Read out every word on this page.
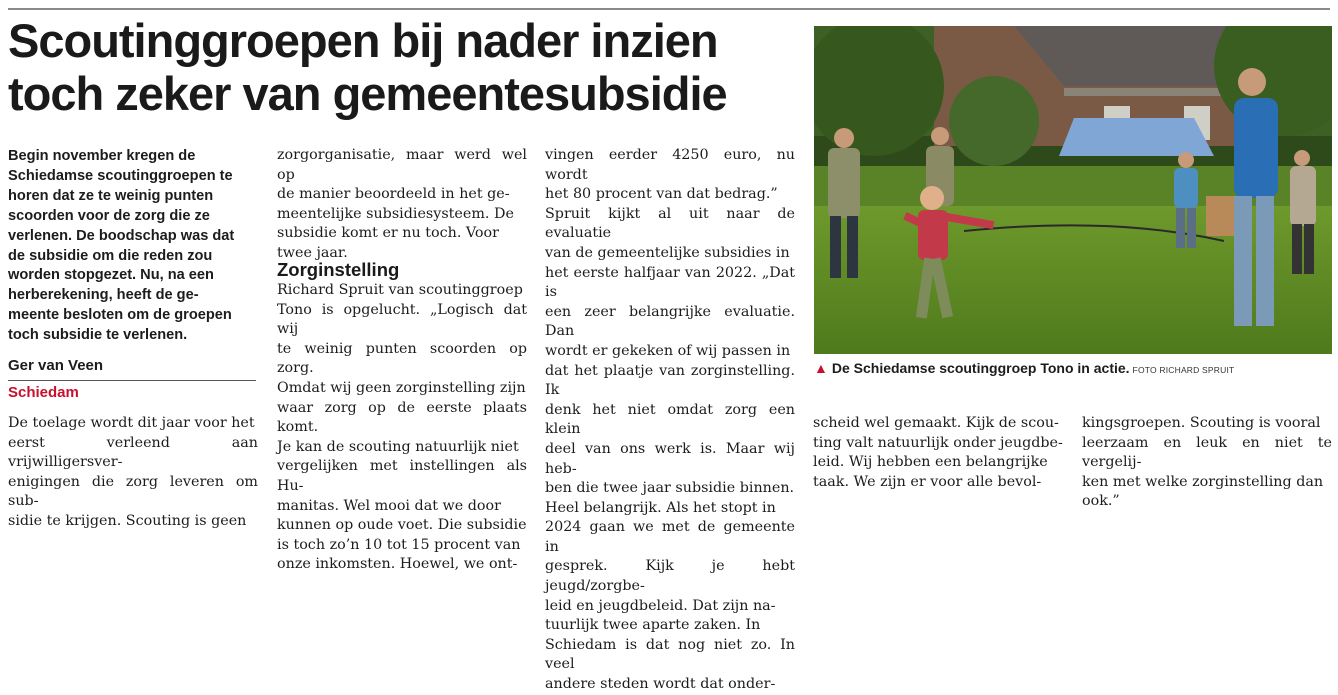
Scoutinggroepen bij nader inzien toch zeker van gemeentesubsidie
Begin november kregen de
Schiedamse scoutinggroepen te
horen dat ze te weinig punten
scoorden voor de zorg die ze
verlenen. De boodschap was dat
de subsidie om die reden zou
worden stopgezet. Nu, na een
herberekening, heeft de ge-
meente besloten om de groepen
toch subsidie te verlenen.
Ger van Veen
Schiedam
De toelage wordt dit jaar voor het
eerst verleend aan vrijwilligersver-
enigingen die zorg leveren om sub-
sidie te krijgen. Scouting is geen
zorgorganisatie, maar werd wel op
de manier beoordeeld in het ge-
meentelijke subsidiesysteem. De
subsidie komt er nu toch. Voor
twee jaar.
Zorginstelling
Richard Spruit van scoutinggroep
Tono is opgelucht. „Logisch dat wij
te weinig punten scoorden op zorg.
Omdat wij geen zorginstelling zijn
waar zorg op de eerste plaats komt.
Je kan de scouting natuurlijk niet
vergelijken met instellingen als Hu-
manitas. Wel mooi dat we door
kunnen op oude voet. Die subsidie
is toch zo’n 10 tot 15 procent van
onze inkomsten. Hoewel, we ont-
vingen eerder 4250 euro, nu wordt
het 80 procent van dat bedrag.”
Spruit kijkt al uit naar de evaluatie
van de gemeentelijke subsidies in
het eerste halfjaar van 2022. „Dat is
een zeer belangrijke evaluatie. Dan
wordt er gekeken of wij passen in
dat het plaatje van zorginstelling. Ik
denk het niet omdat zorg een klein
deel van ons werk is. Maar wij heb-
ben die twee jaar subsidie binnen.
Heel belangrijk. Als het stopt in
2024 gaan we met de gemeente in
gesprek. Kijk je hebt jeugd/zorgbe-
leid en jeugdbeleid. Dat zijn na-
tuurlijk twee aparte zaken. In
Schiedam is dat nog niet zo. In veel
andere steden wordt dat onder-
scheid wel gemaakt. Kijk de scou-
ting valt natuurlijk onder jeugdbe-
leid. Wij hebben een belangrijke
taak. We zijn er voor alle bevol-
kingsgroepen. Scouting is vooral
leerzaam en leuk en niet te vergelij-
ken met welke zorginstelling dan
ook.”
▲ De Schiedamse scoutinggroep Tono in actie. FOTO RICHARD SPRUIT
